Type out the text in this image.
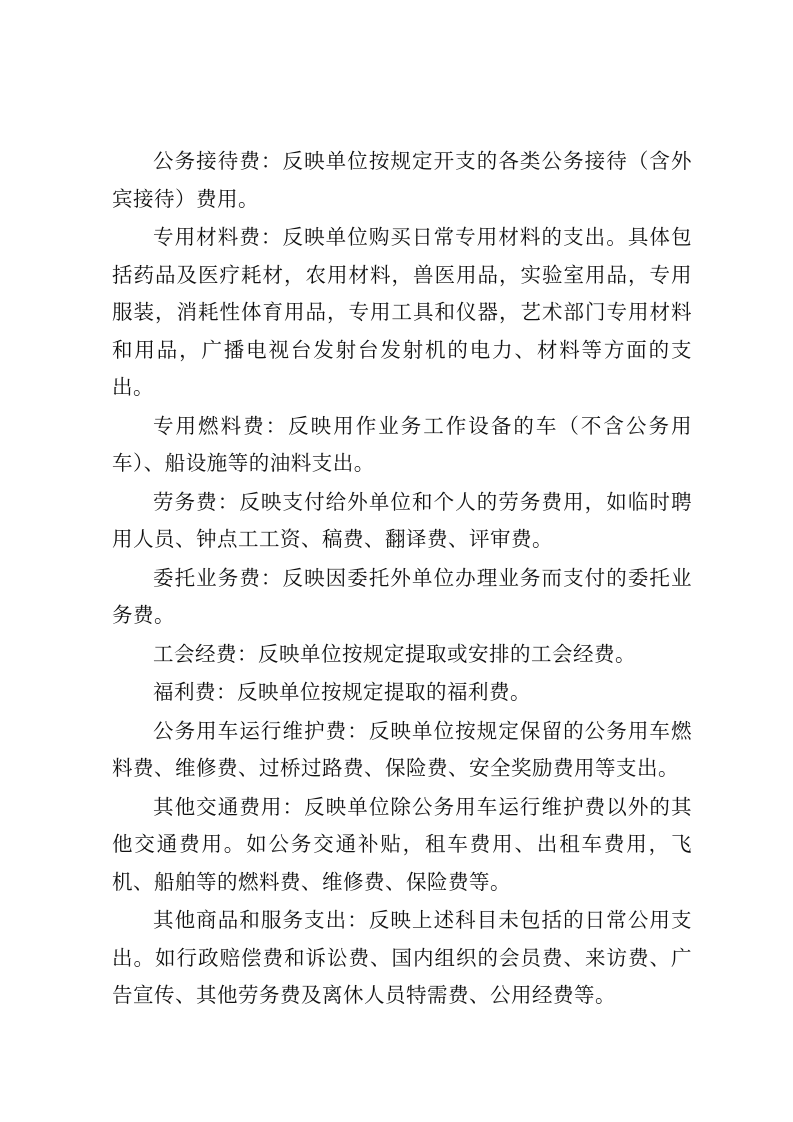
公务接待费：反映单位按规定开支的各类公务接待（含外宾接待）费用。

专用材料费：反映单位购买日常专用材料的支出。具体包括药品及医疗耗材，农用材料，兽医用品，实验室用品，专用服装，消耗性体育用品，专用工具和仪器，艺术部门专用材料和用品，广播电视台发射台发射机的电力、材料等方面的支出。

专用燃料费：反映用作业务工作设备的车（不含公务用车）、船设施等的油料支出。

劳务费：反映支付给外单位和个人的劳务费用，如临时聘用人员、钟点工工资、稿费、翻译费、评审费。

委托业务费：反映因委托外单位办理业务而支付的委托业务费。

工会经费：反映单位按规定提取或安排的工会经费。

福利费：反映单位按规定提取的福利费。

公务用车运行维护费：反映单位按规定保留的公务用车燃料费、维修费、过桥过路费、保险费、安全奖励费用等支出。

其他交通费用：反映单位除公务用车运行维护费以外的其他交通费用。如公务交通补贴，租车费用、出租车费用，飞机、船舶等的燃料费、维修费、保险费等。

其他商品和服务支出：反映上述科目未包括的日常公用支出。如行政赔偿费和诉讼费、国内组织的会员费、来访费、广告宣传、其他劳务费及离休人员特需费、公用经费等。
